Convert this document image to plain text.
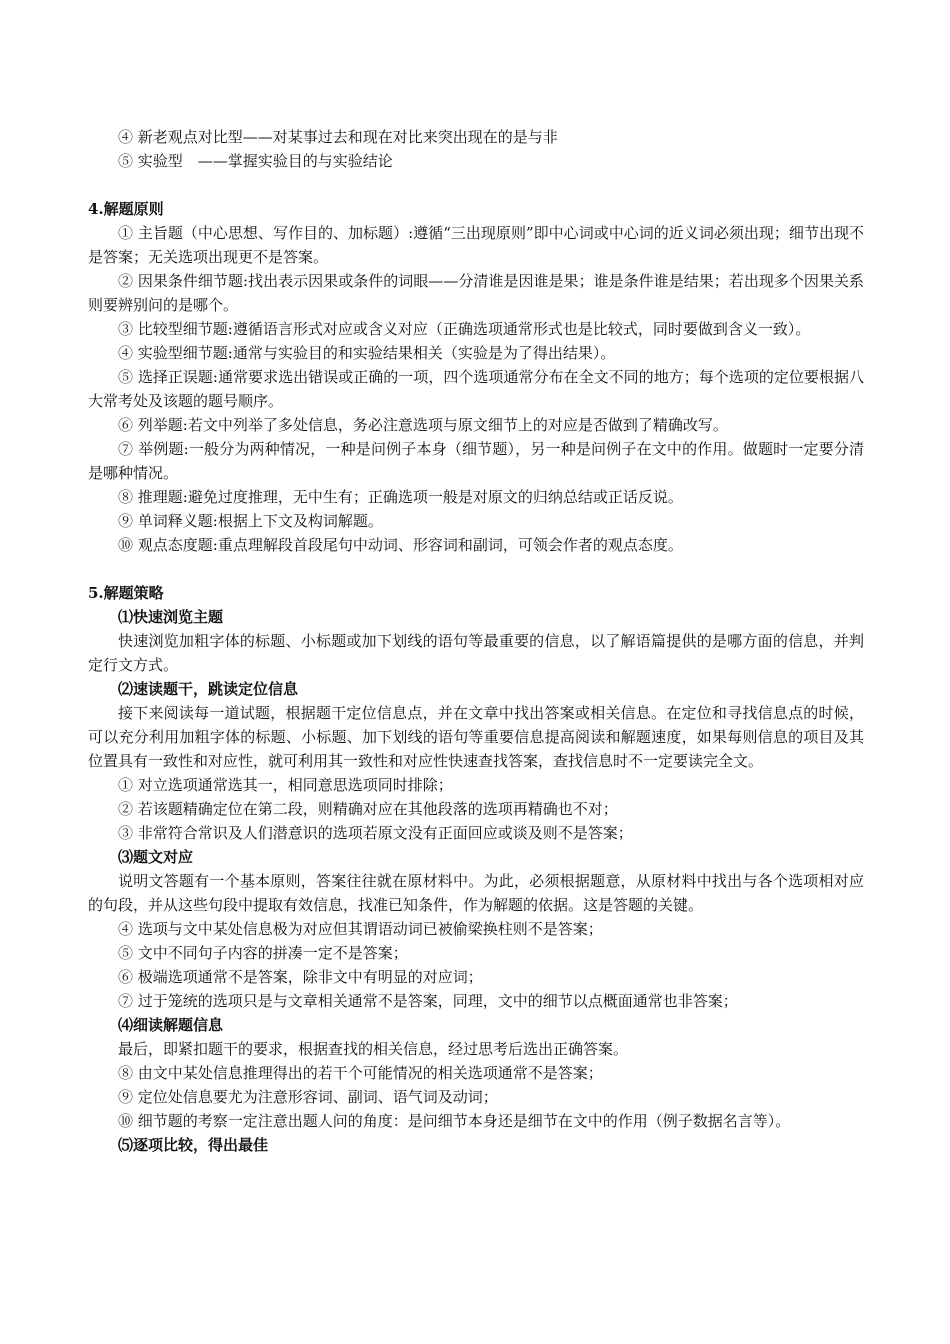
④ 新老观点对比型——对某事过去和现在对比来突出现在的是与非

⑤ 实验型　——掌握实验目的与实验结论

4.解题原则

① 主旨题（中心思想、写作目的、加标题）:遵循“三出现原则”即中心词或中心词的近义词必须出现；细节出现不是答案；无关选项出现更不是答案。

② 因果条件细节题:找出表示因果或条件的词眼——分清谁是因谁是果；谁是条件谁是结果；若出现多个因果关系则要辨别问的是哪个。

③ 比较型细节题:遵循语言形式对应或含义对应（正确选项通常形式也是比较式，同时要做到含义一致）。

④ 实验型细节题:通常与实验目的和实验结果相关（实验是为了得出结果）。

⑤ 选择正误题:通常要求选出错误或正确的一项，四个选项通常分布在全文不同的地方；每个选项的定位要根据八大常考处及该题的题号顺序。

⑥ 列举题:若文中列举了多处信息，务必注意选项与原文细节上的对应是否做到了精确改写。

⑦ 举例题:一般分为两种情况，一种是问例子本身（细节题），另一种是问例子在文中的作用。做题时一定要分清是哪种情况。

⑧ 推理题:避免过度推理，无中生有；正确选项一般是对原文的归纳总结或正话反说。

⑨ 单词释义题:根据上下文及构词解题。

⑩ 观点态度题:重点理解段首段尾句中动词、形容词和副词，可领会作者的观点态度。

5.解题策略

⑴快速浏览主题

快速浏览加粗字体的标题、小标题或加下划线的语句等最重要的信息，以了解语篇提供的是哪方面的信息，并判定行文方式。

⑵速读题干，跳读定位信息

接下来阅读每一道试题，根据题干定位信息点，并在文章中找出答案或相关信息。在定位和寻找信息点的时候，可以充分利用加粗字体的标题、小标题、加下划线的语句等重要信息提高阅读和解题速度，如果每则信息的项目及其位置具有一致性和对应性，就可利用其一致性和对应性快速查找答案，查找信息时不一定要读完全文。

① 对立选项通常选其一，相同意思选项同时排除；

② 若该题精确定位在第二段，则精确对应在其他段落的选项再精确也不对；

③ 非常符合常识及人们潜意识的选项若原文没有正面回应或谈及则不是答案；

⑶题文对应

说明文答题有一个基本原则，答案往往就在原材料中。为此，必须根据题意，从原材料中找出与各个选项相对应的句段，并从这些句段中提取有效信息，找准已知条件，作为解题的依据。这是答题的关键。

④ 选项与文中某处信息极为对应但其谓语动词已被偷梁换柱则不是答案；

⑤ 文中不同句子内容的拼凑一定不是答案；

⑥ 极端选项通常不是答案，除非文中有明显的对应词；

⑦ 过于笼统的选项只是与文章相关通常不是答案，同理，文中的细节以点概面通常也非答案；

⑷细读解题信息

最后，即紧扣题干的要求，根据查找的相关信息，经过思考后选出正确答案。

⑧ 由文中某处信息推理得出的若干个可能情况的相关选项通常不是答案；

⑨ 定位处信息要尤为注意形容词、副词、语气词及动词；

⑩ 细节题的考察一定注意出题人问的角度：是问细节本身还是细节在文中的作用（例子数据名言等）。

⑸逐项比较，得出最佳
